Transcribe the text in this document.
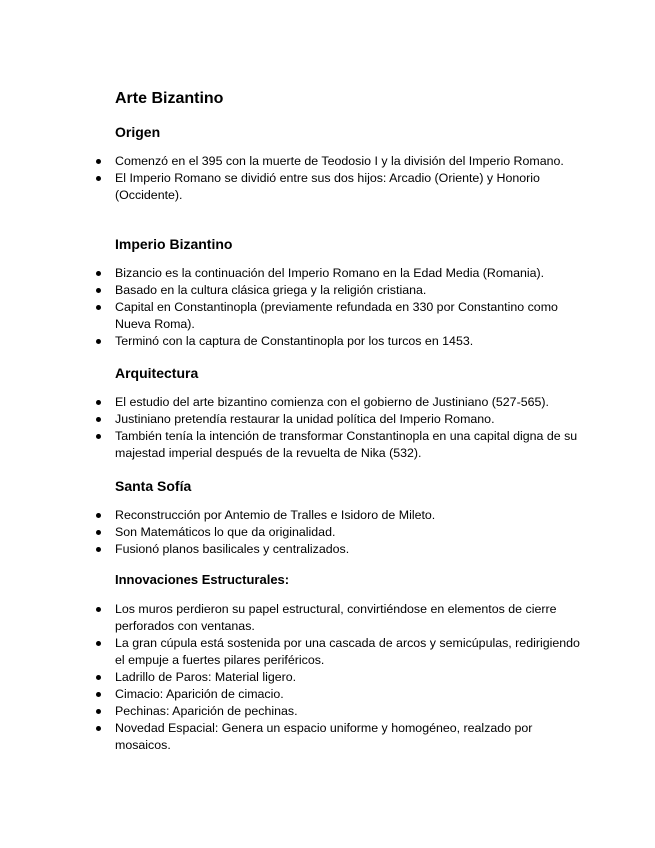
Arte Bizantino
Origen
Comenzó en el 395 con la muerte de Teodosio I y la división del Imperio Romano.
El Imperio Romano se dividió entre sus dos hijos: Arcadio (Oriente) y Honorio (Occidente).
Imperio Bizantino
Bizancio es la continuación del Imperio Romano en la Edad Media (Romania).
Basado en la cultura clásica griega y la religión cristiana.
Capital en Constantinopla (previamente refundada en 330 por Constantino como Nueva Roma).
Terminó con la captura de Constantinopla por los turcos en 1453.
Arquitectura
El estudio del arte bizantino comienza con el gobierno de Justiniano (527-565).
Justiniano pretendía restaurar la unidad política del Imperio Romano.
También tenía la intención de transformar Constantinopla en una capital digna de su majestad imperial después de la revuelta de Nika (532).
Santa Sofía
Reconstrucción por Antemio de Tralles e Isidoro de Mileto.
Son Matemáticos lo que da originalidad.
Fusionó planos basilicales y centralizados.
Innovaciones Estructurales:
Los muros perdieron su papel estructural, convirtiéndose en elementos de cierre perforados con ventanas.
La gran cúpula está sostenida por una cascada de arcos y semicúpulas, redirigiendo el empuje a fuertes pilares periféricos.
Ladrillo de Paros: Material ligero.
Cimacio: Aparición de cimacio.
Pechinas: Aparición de pechinas.
Novedad Espacial: Genera un espacio uniforme y homogéneo, realzado por mosaicos.
